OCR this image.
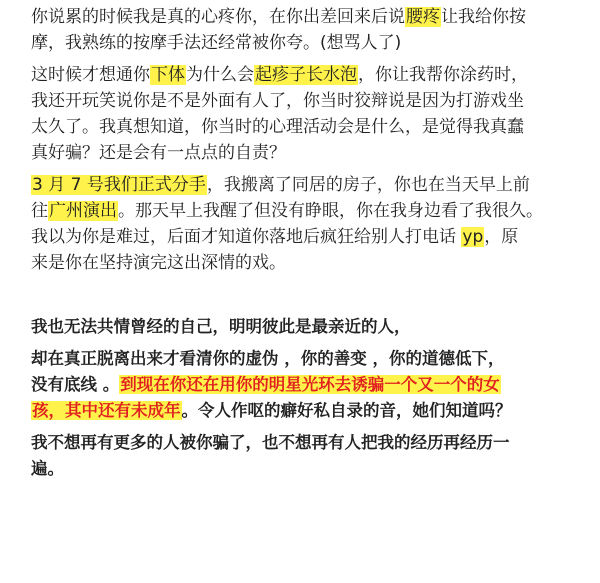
你说累的时候我是真的心疼你，在你出差回来后说腰疼让我给你按
摩，我熟练的按摩手法还经常被你夸。(想骂人了)
这时候才想通你下体为什么会起疹子长水泡，你让我帮你涂药时，
我还开玩笑说你是不是外面有人了，你当时狡辩说是因为打游戏坐
太久了。我真想知道，你当时的心理活动会是什么，是觉得我真蠢
真好骗？还是会有一点点的自责？
3 月 7 号我们正式分手，我搬离了同居的房子，你也在当天早上前
往广州演出。那天早上我醒了但没有睁眼，你在我身边看了我很久。
我以为你是难过，后面才知道你落地后疯狂给别人打电话 yp，原
来是你在坚持演完这出深情的戏。
我也无法共情曾经的自己，明明彼此是最亲近的人，
却在真正脱离出来才看清你的虚伪 ，你的善变 ，你的道德低下，
没有底线 。到现在你还在用你的明星光环去诱骗一个又一个的女
孩，其中还有未成年。令人作呕的癖好私自录的音，她们知道吗？
我不想再有更多的人被你骗了，也不想再有人把我的经历再经历一
遍。
